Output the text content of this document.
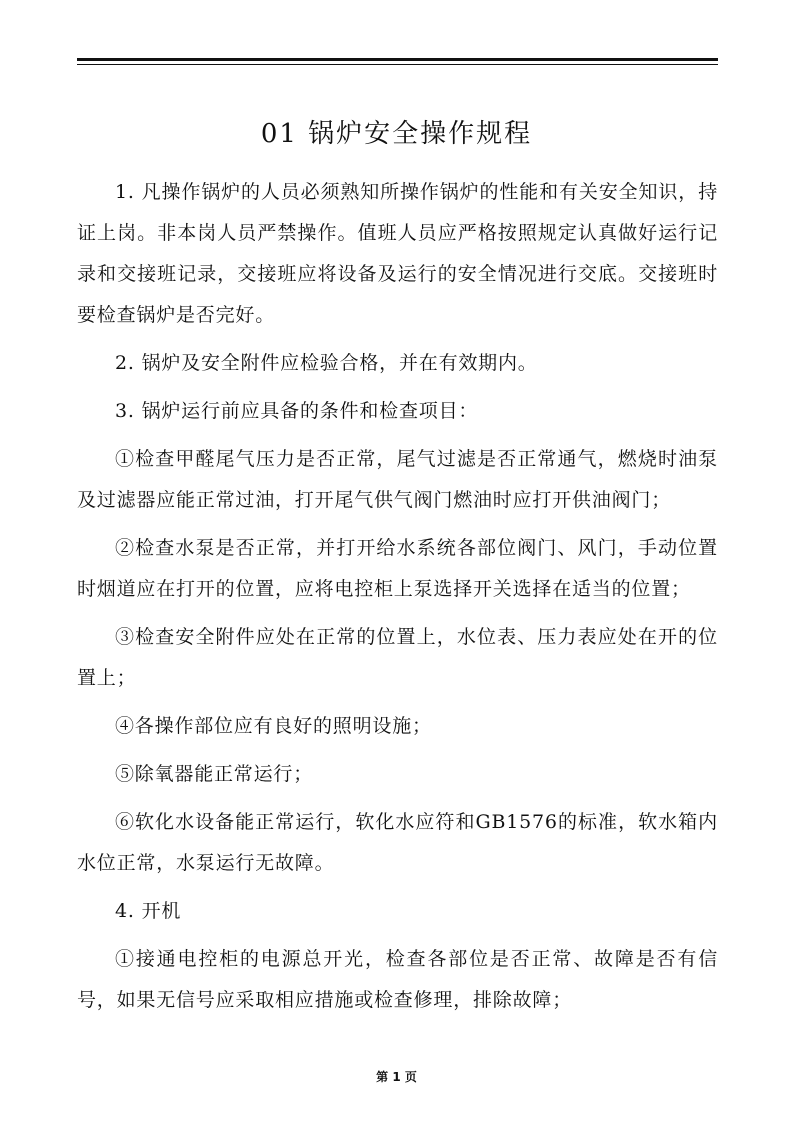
01 锅炉安全操作规程

1. 凡操作锅炉的人员必须熟知所操作锅炉的性能和有关安全知识，持证上岗。非本岗人员严禁操作。值班人员应严格按照规定认真做好运行记录和交接班记录，交接班应将设备及运行的安全情况进行交底。交接班时要检查锅炉是否完好。

2. 锅炉及安全附件应检验合格，并在有效期内。

3. 锅炉运行前应具备的条件和检查项目：

①检查甲醛尾气压力是否正常，尾气过滤是否正常通气，燃烧时油泵及过滤器应能正常过油，打开尾气供气阀门燃油时应打开供油阀门；

②检查水泵是否正常，并打开给水系统各部位阀门、风门，手动位置时烟道应在打开的位置，应将电控柜上泵选择开关选择在适当的位置；

③检查安全附件应处在正常的位置上，水位表、压力表应处在开的位置上；

④各操作部位应有良好的照明设施；

⑤除氧器能正常运行；

⑥软化水设备能正常运行，软化水应符和GB1576的标准，软水箱内水位正常，水泵运行无故障。

4. 开机

①接通电控柜的电源总开光，检查各部位是否正常、故障是否有信号，如果无信号应采取相应措施或检查修理，排除故障；

第 1 页
